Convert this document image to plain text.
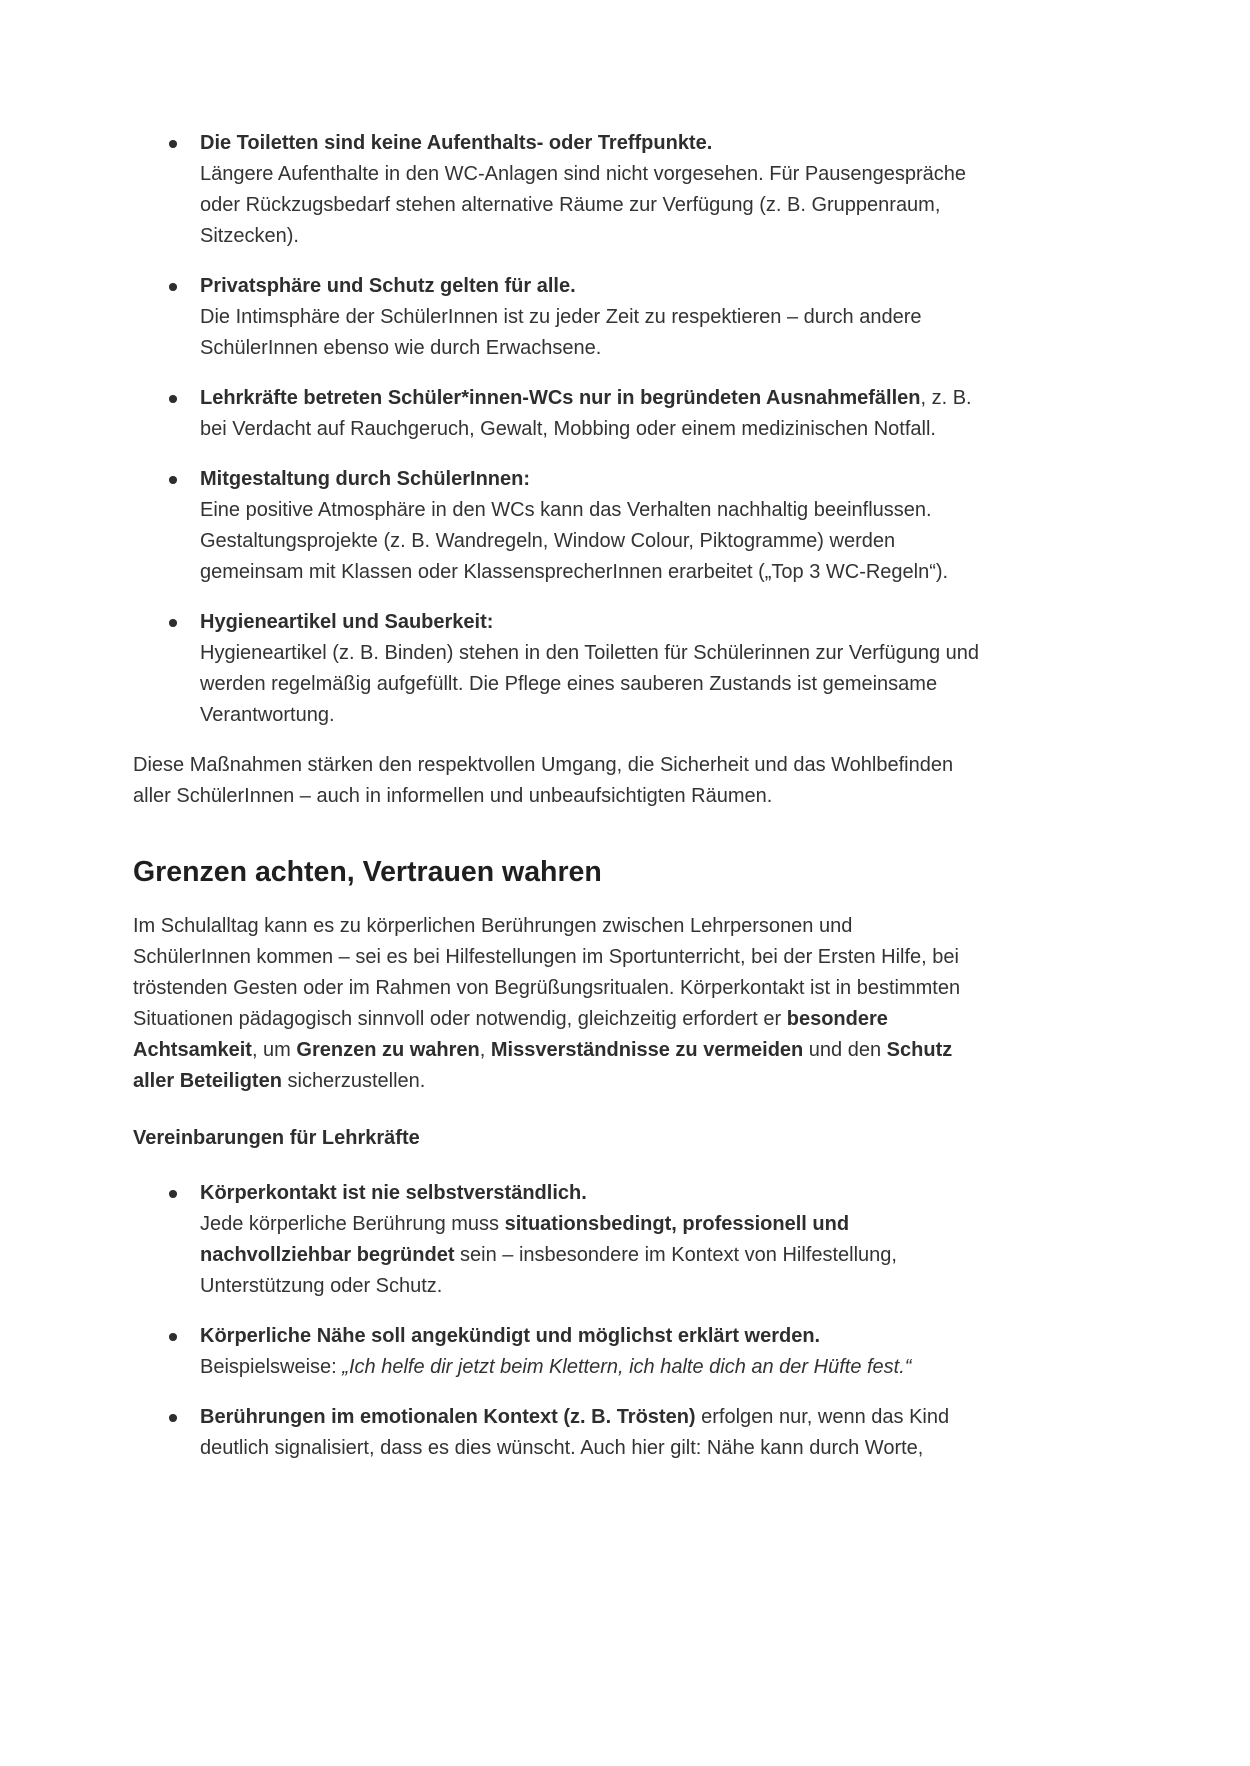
Die Toiletten sind keine Aufenthalts- oder Treffpunkte.
Längere Aufenthalte in den WC-Anlagen sind nicht vorgesehen. Für Pausengespräche oder Rückzugsbedarf stehen alternative Räume zur Verfügung (z. B. Gruppenraum, Sitzecken).
Privatsphäre und Schutz gelten für alle.
Die Intimsphäre der SchülerInnen ist zu jeder Zeit zu respektieren – durch andere SchülerInnen ebenso wie durch Erwachsene.
Lehrkräfte betreten Schüler*innen-WCs nur in begründeten Ausnahmefällen, z. B. bei Verdacht auf Rauchgeruch, Gewalt, Mobbing oder einem medizinischen Notfall.
Mitgestaltung durch SchülerInnen:
Eine positive Atmosphäre in den WCs kann das Verhalten nachhaltig beeinflussen. Gestaltungsprojekte (z. B. Wandregeln, Window Colour, Piktogramme) werden gemeinsam mit Klassen oder KlassensprecherInnen erarbeitet („Top 3 WC-Regeln“).
Hygieneartikel und Sauberkeit:
Hygieneartikel (z. B. Binden) stehen in den Toiletten für Schülerinnen zur Verfügung und werden regelmäßig aufgefüllt. Die Pflege eines sauberen Zustands ist gemeinsame Verantwortung.

Diese Maßnahmen stärken den respektvollen Umgang, die Sicherheit und das Wohlbefinden aller SchülerInnen – auch in informellen und unbeaufsichtigten Räumen.

Grenzen achten, Vertrauen wahren

Im Schulalltag kann es zu körperlichen Berührungen zwischen Lehrpersonen und SchülerInnen kommen – sei es bei Hilfestellungen im Sportunterricht, bei der Ersten Hilfe, bei tröstenden Gesten oder im Rahmen von Begrüßungsritualen. Körperkontakt ist in bestimmten Situationen pädagogisch sinnvoll oder notwendig, gleichzeitig erfordert er besondere Achtsamkeit, um Grenzen zu wahren, Missverständnisse zu vermeiden und den Schutz aller Beteiligten sicherzustellen.

Vereinbarungen für Lehrkräfte

Körperkontakt ist nie selbstverständlich.
Jede körperliche Berührung muss situationsbedingt, professionell und nachvollziehbar begründet sein – insbesondere im Kontext von Hilfestellung, Unterstützung oder Schutz.
Körperliche Nähe soll angekündigt und möglichst erklärt werden.
Beispielsweise: „Ich helfe dir jetzt beim Klettern, ich halte dich an der Hüfte fest.“
Berührungen im emotionalen Kontext (z. B. Trösten) erfolgen nur, wenn das Kind deutlich signalisiert, dass es dies wünscht. Auch hier gilt: Nähe kann durch Worte,
